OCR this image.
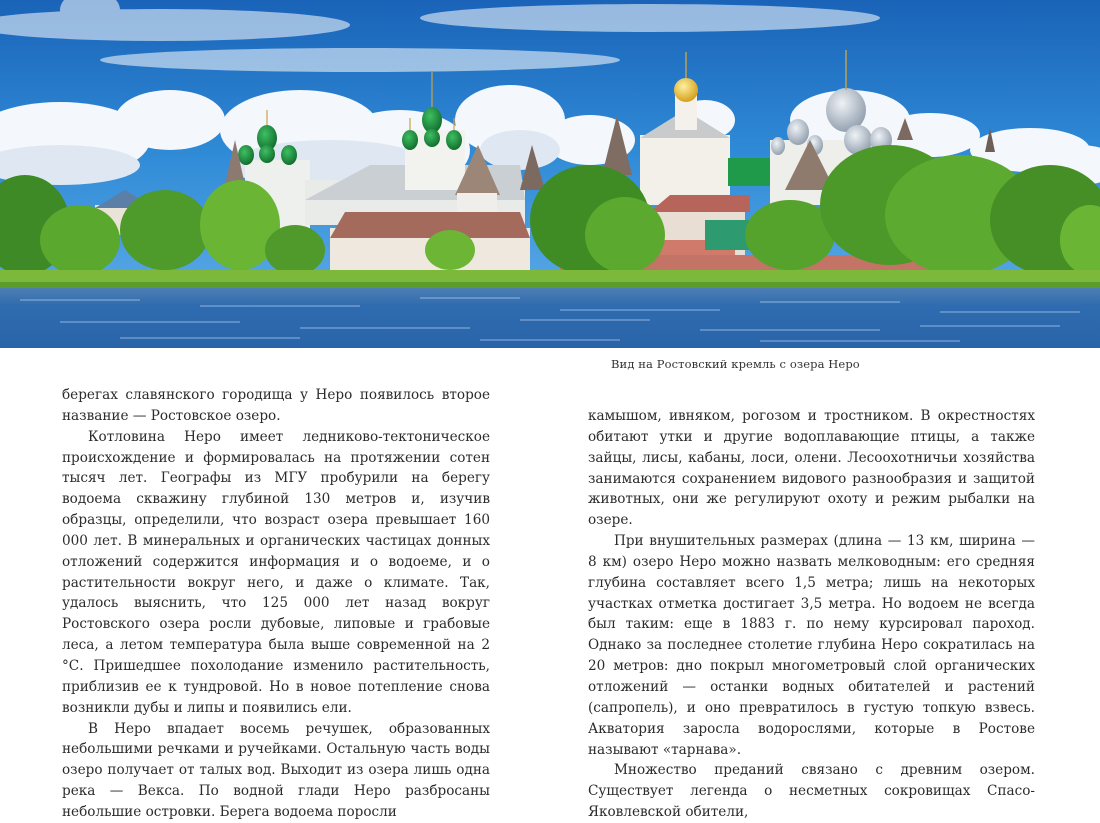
Вид на Ростовский кремль с озера Неро

берегах славянского городища у Неро появилось второе название — Ростовское озеро.

Котловина Неро имеет ледниково-тектоническое происхождение и формировалась на протяжении сотен тысяч лет. Географы из МГУ пробурили на берегу водоема скважину глубиной 130 метров и, изучив образцы, определили, что возраст озера превышает 160 000 лет. В минеральных и органических частицах донных отложений содержится информация и о водоеме, и о растительности вокруг него, и даже о климате. Так, удалось выяснить, что 125 000 лет назад вокруг Ростовского озера росли дубовые, липовые и грабовые леса, а летом температура была выше современной на 2 °С. Пришедшее похолодание изменило растительность, приблизив ее к тундровой. Но в новое потепление снова возникли дубы и липы и появились ели.

В Неро впадает восемь речушек, образованных небольшими речками и ручейками. Остальную часть воды озеро получает от талых вод. Выходит из озера лишь одна река — Векса. По водной глади Неро разбросаны небольшие островки. Берега водоема поросли

камышом, ивняком, рогозом и тростником. В окрестностях обитают утки и другие водоплавающие птицы, а также зайцы, лисы, кабаны, лоси, олени. Лесоохотничьи хозяйства занимаются сохранением видового разнообразия и защитой животных, они же регулируют охоту и режим рыбалки на озере.

При внушительных размерах (длина — 13 км, ширина — 8 км) озеро Неро можно назвать мелководным: его средняя глубина составляет всего 1,5 метра; лишь на некоторых участках отметка достигает 3,5 метра. Но водоем не всегда был таким: еще в 1883 г. по нему курсировал пароход. Однако за последнее столетие глубина Неро сократилась на 20 метров: дно покрыл многометровый слой органических отложений — останки водных обитателей и растений (сапропель), и оно превратилось в густую топкую взвесь. Акватория заросла водорослями, которые в Ростове называют «тарнава».

Множество преданий связано с древним озером. Существует легенда о несметных сокровищах Спасо-Яковлевской обители,
